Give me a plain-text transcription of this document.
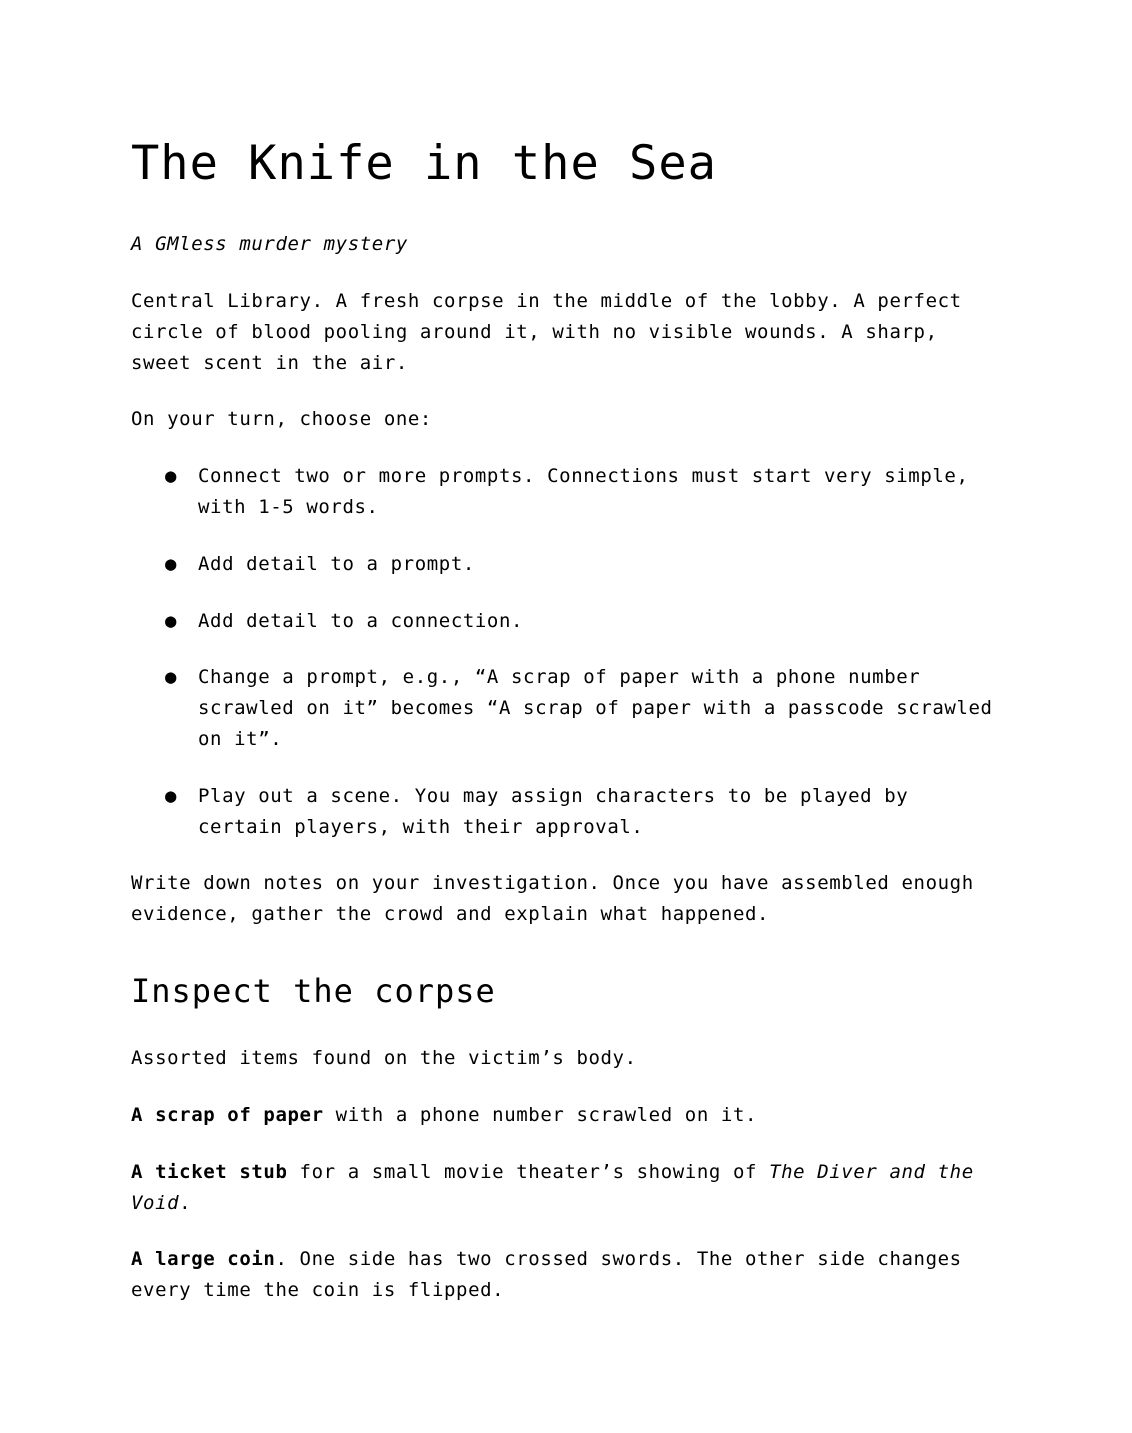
The Knife in the Sea

A GMless murder mystery

Central Library. A fresh corpse in the middle of the lobby. A perfect circle of blood pooling around it, with no visible wounds. A sharp, sweet scent in the air.

On your turn, choose one:

● Connect two or more prompts. Connections must start very simple, with 1-5 words.
● Add detail to a prompt.
● Add detail to a connection.
● Change a prompt, e.g., “A scrap of paper with a phone number scrawled on it” becomes “A scrap of paper with a passcode scrawled on it”.
● Play out a scene. You may assign characters to be played by certain players, with their approval.

Write down notes on your investigation. Once you have assembled enough evidence, gather the crowd and explain what happened.

Inspect the corpse

Assorted items found on the victim’s body.

A scrap of paper with a phone number scrawled on it.

A ticket stub for a small movie theater’s showing of The Diver and the Void.

A large coin. One side has two crossed swords. The other side changes every time the coin is flipped.
